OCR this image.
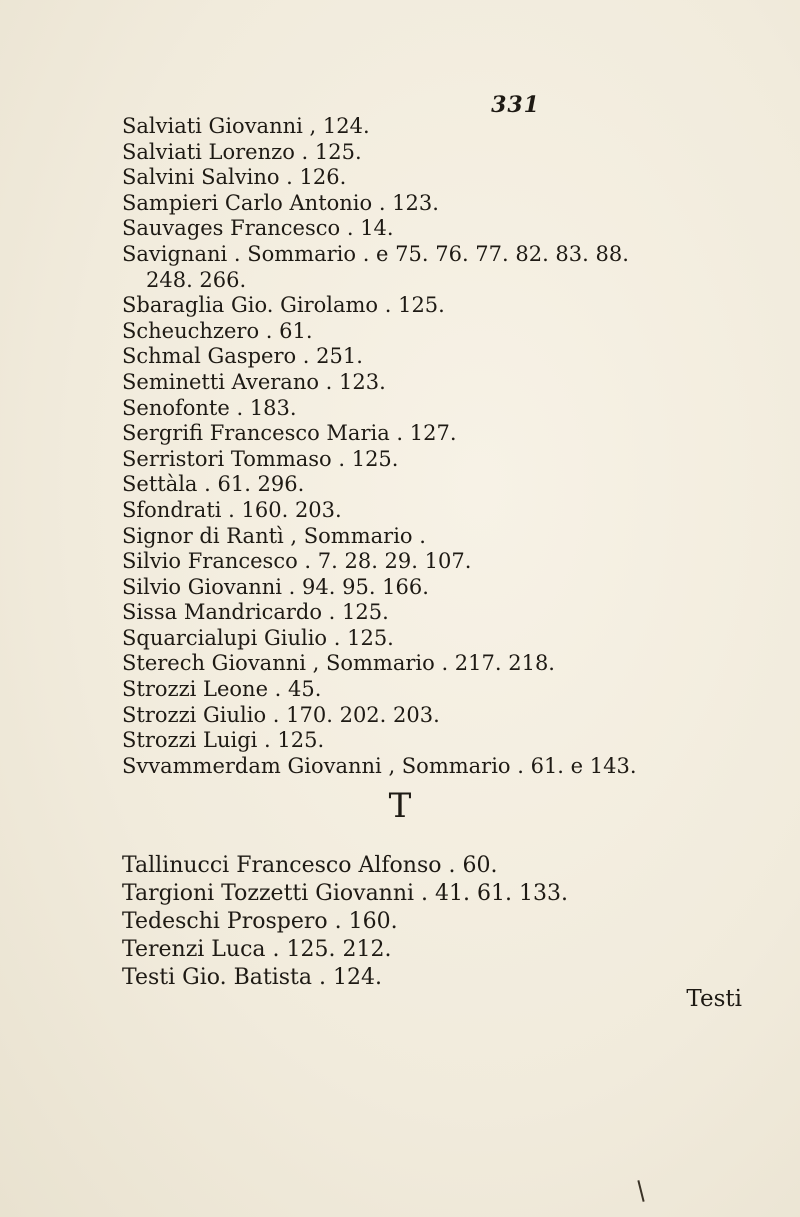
331
Salviati Giovanni , 124.
Salviati Lorenzo . 125.
Salvini Salvino . 126.
Sampieri Carlo Antonio . 123.
Sauvages Francesco . 14.
Savignani . Sommario . e 75. 76. 77. 82. 83. 88.
248. 266.
Sbaraglia Gio. Girolamo . 125.
Scheuchzero . 61.
Schmal Gaspero . 251.
Seminetti Averano . 123.
Senofonte . 183.
Sergrifi Francesco Maria . 127.
Serristori Tommaso . 125.
Settàla . 61. 296.
Sfondrati . 160. 203.
Signor di Rantì , Sommario .
Silvio Francesco . 7. 28. 29. 107.
Silvio Giovanni . 94. 95. 166.
Sissa Mandricardo . 125.
Squarcialupi Giulio . 125.
Sterech Giovanni , Sommario . 217. 218.
Strozzi Leone . 45.
Strozzi Giulio . 170. 202. 203.
Strozzi Luigi . 125.
Svvammerdam Giovanni , Sommario . 61. e 143.
T
Tallinucci Francesco Alfonso . 60.
Targioni Tozzetti Giovanni . 41. 61. 133.
Tedeschi Prospero . 160.
Terenzi Luca . 125. 212.
Testi Gio. Batista . 124.
Testi
